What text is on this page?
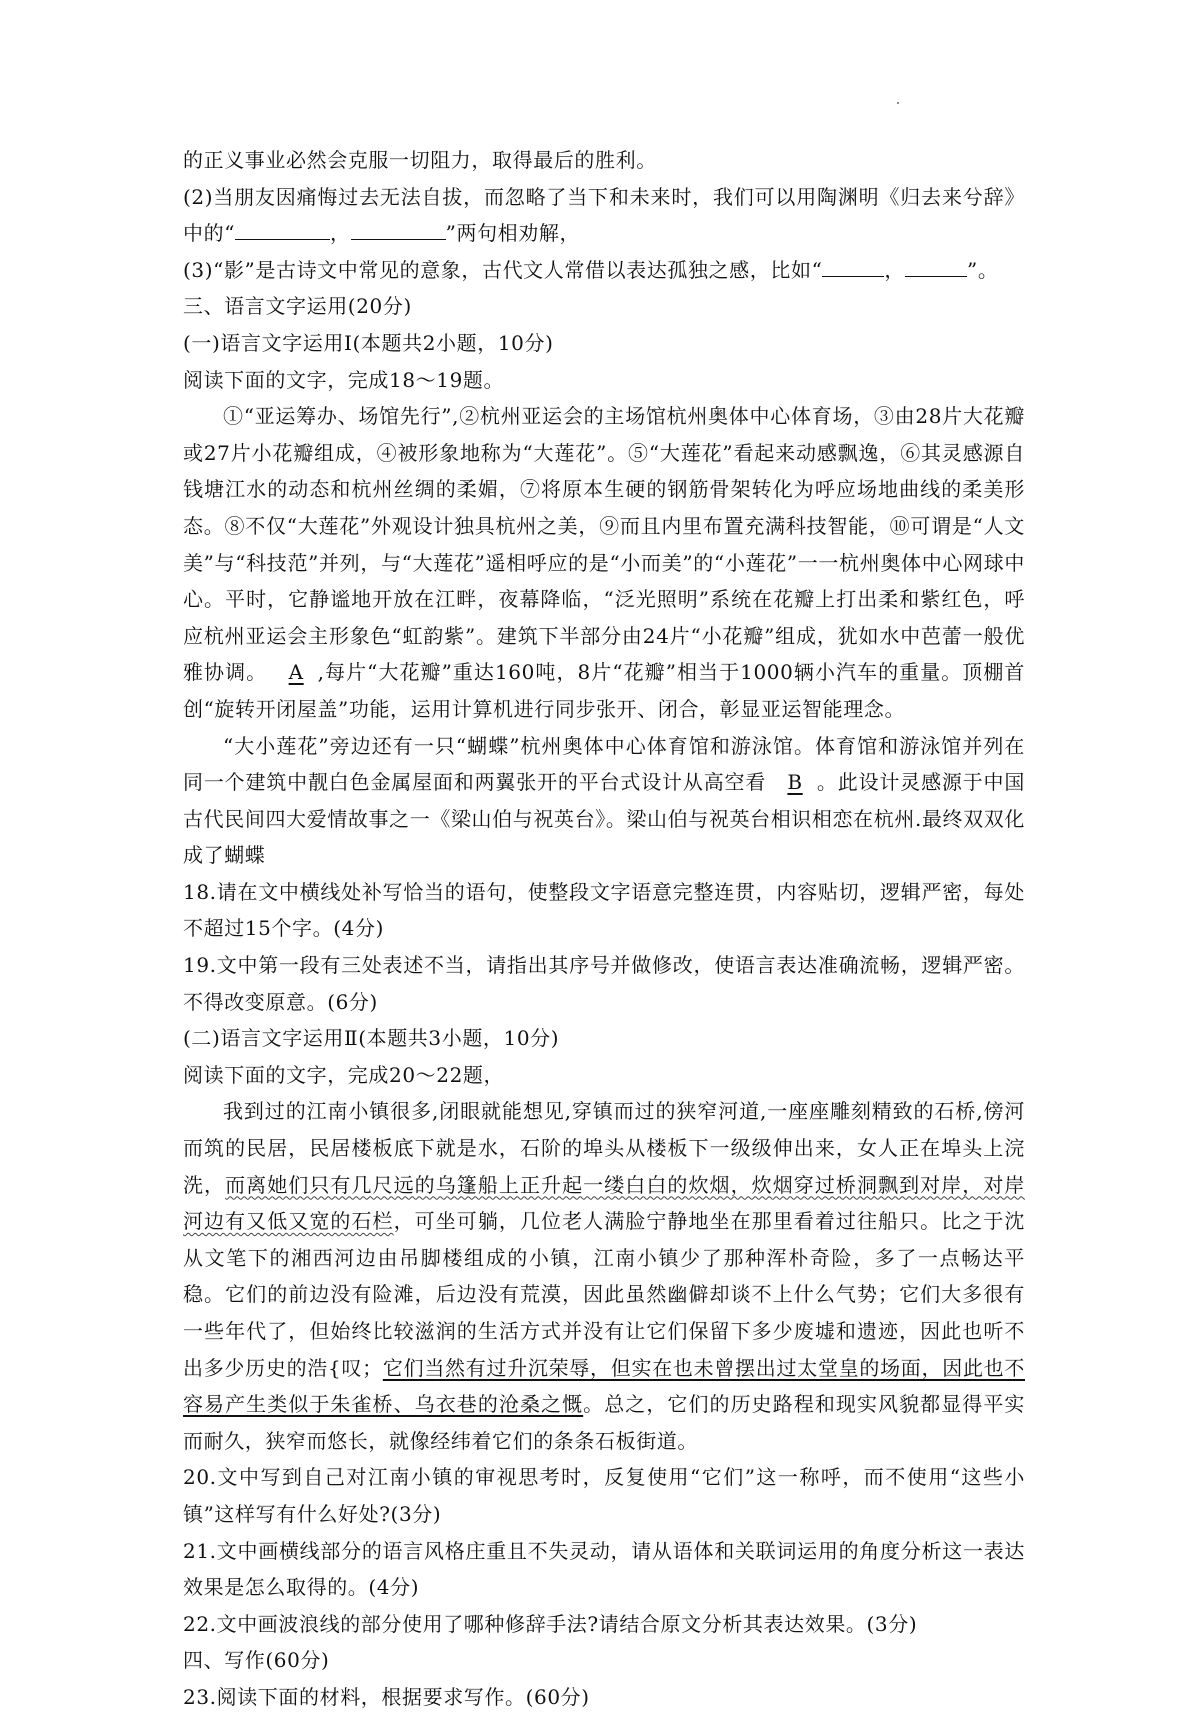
的正义事业必然会克服一切阻力，取得最后的胜利。

(2)当朋友因痛悔过去无法自拔，而忽略了当下和未来时，我们可以用陶渊明《归去来兮辞》中的“	，	”两句相劝解，

(3)“影”是古诗文中常见的意象，古代文人常借以表达孤独之感，比如“	，	”。

三、语言文字运用(20分)

(一)语言文字运用Ⅰ(本题共2小题，10分)

阅读下面的文字，完成18～19题。

①“亚运筹办、场馆先行”,②杭州亚运会的主场馆杭州奥体中心体育场，③由28片大花瓣或27片小花瓣组成，④被形象地称为“大莲花”。⑤“大莲花”看起来动感飘逸，⑥其灵感源自钱塘江水的动态和杭州丝绸的柔媚，⑦将原本生硬的钢筋骨架转化为呼应场地曲线的柔美形态。⑧不仅“大莲花”外观设计独具杭州之美，⑨而且内里布置充满科技智能，⑩可谓是“人文美”与“科技范”并列，与“大莲花”遥相呼应的是“小而美”的“小莲花”一一杭州奥体中心网球中心。平时，它静谧地开放在江畔，夜幕降临，“泛光照明”系统在花瓣上打出柔和紫红色，呼应杭州亚运会主形象色“虹韵紫”。建筑下半部分由24片“小花瓣”组成，犹如水中芭蕾一般优雅协调。 A ,每片“大花瓣”重达160吨，8片“花瓣”相当于1000辆小汽车的重量。顶棚首创“旋转开闭屋盖”功能，运用计算机进行同步张开、闭合，彰显亚运智能理念。

“大小莲花”旁边还有一只“蝴蝶”杭州奥体中心体育馆和游泳馆。体育馆和游泳馆并列在同一个建筑中靓白色金属屋面和两翼张开的平台式设计从高空看 B 。此设计灵感源于中国古代民间四大爱情故事之一《梁山伯与祝英台》。梁山伯与祝英台相识相恋在杭州.最终双双化成了蝴蝶

18.请在文中横线处补写恰当的语句，使整段文字语意完整连贯，内容贴切，逻辑严密，每处不超过15个字。(4分)

19.文中第一段有三处表述不当，请指出其序号并做修改，使语言表达准确流畅，逻辑严密。不得改变原意。(6分)

(二)语言文字运用Ⅱ(本题共3小题，10分)

阅读下面的文字，完成20～22题，

我到过的江南小镇很多,闭眼就能想见,穿镇而过的狭窄河道,一座座雕刻精致的石桥,傍河而筑的民居，民居楼板底下就是水，石阶的埠头从楼板下一级级伸出来，女人正在埠头上浣洗，而离她们只有几尺远的乌篷船上正升起一缕白白的炊烟，炊烟穿过桥洞飘到对岸，对岸河边有又低又宽的石栏，可坐可躺，几位老人满脸宁静地坐在那里看着过往船只。比之于沈从文笔下的湘西河边由吊脚楼组成的小镇，江南小镇少了那种浑朴奇险，多了一点畅达平稳。它们的前边没有险滩，后边没有荒漠，因此虽然幽僻却谈不上什么气势；它们大多很有一些年代了，但始终比较滋润的生活方式并没有让它们保留下多少废墟和遗迹，因此也听不出多少历史的浩{叹；它们当然有过升沉荣辱，但实在也未曾摆出过太堂皇的场面，因此也不容易产生类似于朱雀桥、乌衣巷的沧桑之慨。总之，它们的历史路程和现实风貌都显得平实而耐久，狭窄而悠长，就像经纬着它们的条条石板街道。

20.文中写到自己对江南小镇的审视思考时，反复使用“它们”这一称呼，而不使用“这些小镇”这样写有什么好处?(3分)

21.文中画横线部分的语言风格庄重且不失灵动，请从语体和关联词运用的角度分析这一表达效果是怎么取得的。(4分)

22.文中画波浪线的部分使用了哪种修辞手法?请结合原文分析其表达效果。(3分)

四、写作(60分)

23.阅读下面的材料，根据要求写作。(60分)
